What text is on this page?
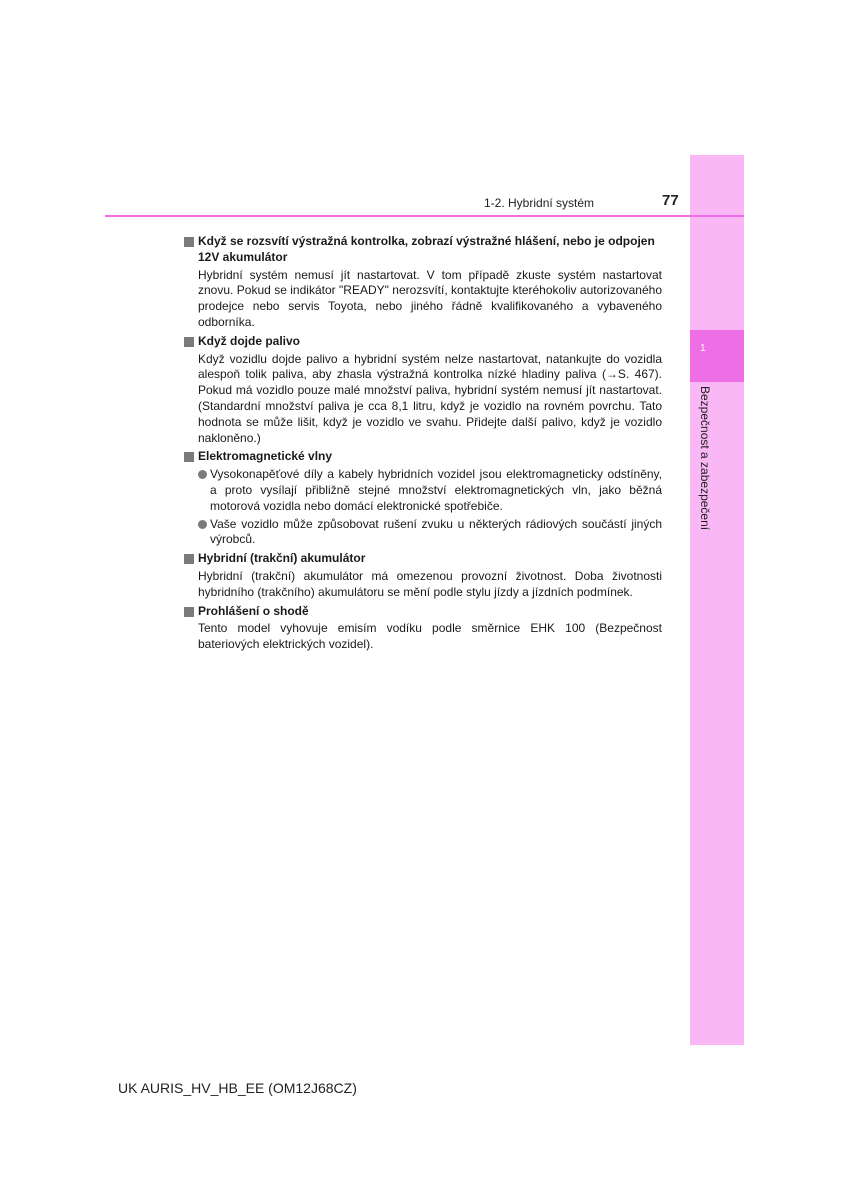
1
Bezpečnost a zabezpečení
1-2. Hybridní systém	77
Když se rozsvítí výstražná kontrolka, zobrazí výstražné hlášení, nebo je odpojen 12V akumulátor
Hybridní systém nemusí jít nastartovat. V tom případě zkuste systém nastartovat znovu. Pokud se indikátor "READY" nerozsvítí, kontaktujte kteréhokoliv autorizovaného prodejce nebo servis Toyota, nebo jiného řádně kvalifikovaného a vybaveného odborníka.
Když dojde palivo
Když vozidlu dojde palivo a hybridní systém nelze nastartovat, natankujte do vozidla alespoň tolik paliva, aby zhasla výstražná kontrolka nízké hladiny paliva (→S. 467). Pokud má vozidlo pouze malé množství paliva, hybridní systém nemusí jít nastartovat. (Standardní množství paliva je cca 8,1 litru, když je vozidlo na rovném povrchu. Tato hodnota se může lišit, když je vozidlo ve svahu. Přidejte další palivo, když je vozidlo nakloněno.)
Elektromagnetické vlny
Vysokonapěťové díly a kabely hybridních vozidel jsou elektromagneticky odstíněny, a proto vysílají přibližně stejné množství elektromagnetických vln, jako běžná motorová vozidla nebo domácí elektronické spotřebiče.
Vaše vozidlo může způsobovat rušení zvuku u některých rádiových součástí jiných výrobců.
Hybridní (trakční) akumulátor
Hybridní (trakční) akumulátor má omezenou provozní životnost. Doba životnosti hybridního (trakčního) akumulátoru se mění podle stylu jízdy a jízdních podmínek.
Prohlášení o shodě
Tento model vyhovuje emisím vodíku podle směrnice EHK 100 (Bezpečnost bateriových elektrických vozidel).
UK AURIS_HV_HB_EE (OM12J68CZ)
